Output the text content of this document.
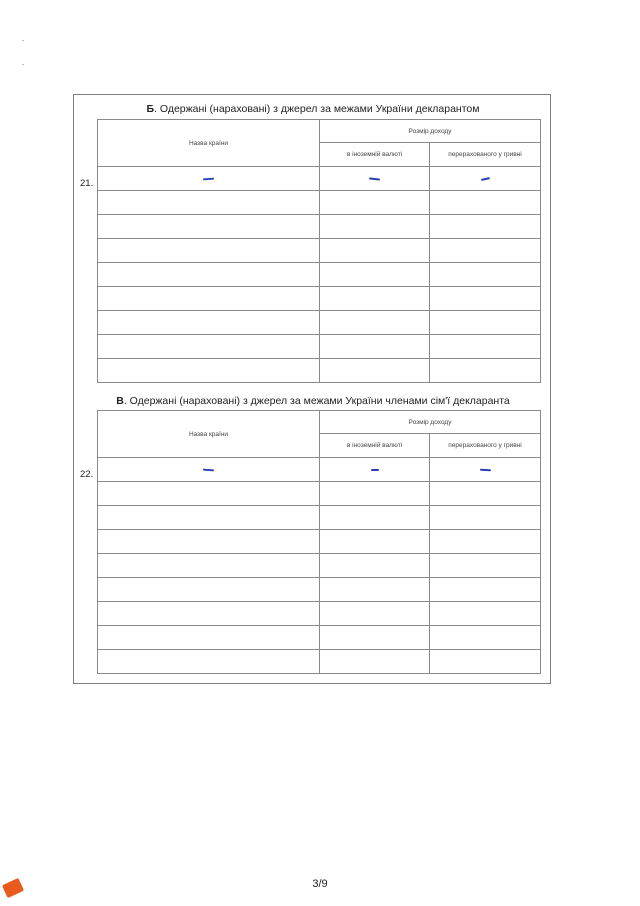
Б. Одержані (нараховані) з джерел за межами України декларантом
21.
Назва країни	Розмір доходу	
	в іноземній валюті	перерахованого у гривні

В. Одержані (нараховані) з джерел за межами України членами сім'ї декларанта
22.
Назва країни	Розмір доходу	
	в іноземній валюті	перерахованого у гривні

3/9
